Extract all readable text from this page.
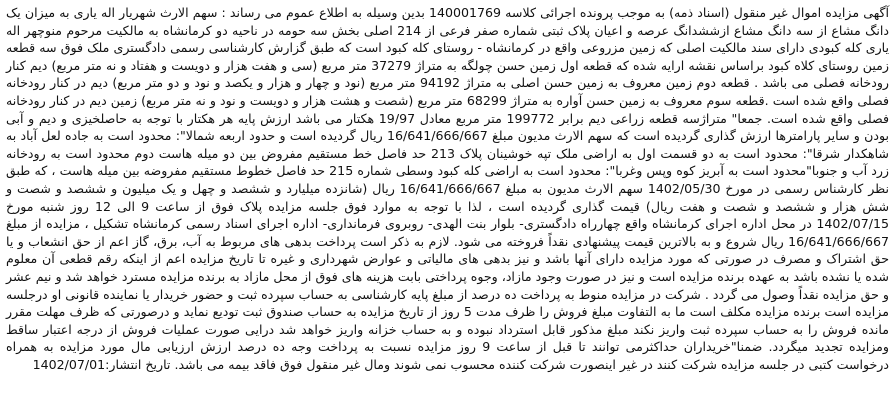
آگهی مزایده اموال غیر منقول (اسناد ذمه) به موجب پرونده اجرائی کلاسه 140001769 بدین وسیله به اطلاع عموم می رساند : سهم الارث شهریار اله یاری به میزان یک دانگ مشاع از سه دانگ مشاع ازششدانگ عرصه و اعیان پلاک ثبتی شماره صفر فرعی از 214 اصلی بخش سه حومه در ناحیه دو کرمانشاه به مالکیت مرحوم منوچهر اله یاری کله کبودی دارای سند مالکیت اصلی که زمین مزروعی واقع در کرمانشاه - روستای کله کبود است که طبق گزارش کارشناسی رسمی دادگستری ملک فوق سه قطعه زمین روستای کلاه کبود براساس نقشه ارایه شده که قطعه اول زمین حسن چولگه به متراژ 37279 متر مربع (سی و هفت هزار و دویست و هفتاد و نه متر مربع) دیم کنار رودخانه فصلی می باشد . قطعه دوم زمین معروف به زمین حسن اصلی به متراژ 94192 متر مربع (نود و چهار و هزار و یکصد و نود و دو متر مربع) دیم در کنار رودخانه فصلی واقع شده است .قطعه سوم معروف به زمین حسن آواره به متراژ 68299 متر مربع (شصت و هشت هزار و دویست و نود و نه متر مربع) زمین دیم در کنار رودخانه فصلی واقع شده است. جمعا" متراژسه قطعه زراعی دیم برابر 199772 متر مربع معادل 19/97 هکتار می باشد ارزش پایه هر هکتار با توجه به حاصلخیزی و دیم و آبی بودن و سایر پارامترها ارزش گذاری گردیده است که سهم الارث مدیون مبلغ 16/641/666/667 ریال گردیده است و حدود اربعه شمالا": محدود است به جاده لعل آباد به شاهکدار شرقا": محدود است به دو قسمت اول به اراضی ملک تپه خوشینان پلاک 213 حد فاصل خط مستقیم مفروض بین دو میله هاست دوم محدود است به رودخانه زرد آب و جنوبا"محدود است به آبریز کوه وپس وغربا": محدود است به اراضی کله کبود وسطی شماره 215 حد فاصل خطوط مستقیم مفروضه بین میله هاست ، که طبق نظر کارشناس رسمی در مورخ 1402/05/30 سهم الارث مدیون به مبلغ 16/641/666/667 ریال (شانزده میلیارد و ششصد و چهل و یک میلیون و ششصد و شصت و شش هزار و ششصد و شصت و هفت ریال) قیمت گذاری گردیده است ، لذا با توجه به موارد فوق جلسه مزایده پلاک فوق از ساعت 9 الی 12 روز شنبه مورخ 1402/07/15 در محل اداره اجرای کرمانشاه واقع چهارراه دادگستری- بلوار بنت الهدی- روبروی فرمانداری- اداره اجرای اسناد رسمی کرمانشاه تشکیل ، مزایده از مبلغ 16/641/666/667 ریال شروع و به بالاترین قیمت پیشنهادی نقداً فروخته می شود. لازم به ذکر است پرداخت بدهی های مربوط به آب، برق، گاز اعم از حق انشعاب و یا حق اشتراک و مصرف در صورتی که مورد مزایده دارای آنها باشد و نیز بدهی های مالیاتی و عوارض شهرداری و غیره تا تاریخ مزایده اعم از اینکه رقم قطعی آن معلوم شده یا نشده باشد به عهده برنده مزایده است و نیز در صورت وجود مازاد، وجوه پرداختی بابت هزینه های فوق از محل مازاد به برنده مزایده مسترد خواهد شد و نیم عشر و حق مزایده نقداً وصول می گردد . شرکت در مزایده منوط به پرداخت ده درصد از مبلغ پایه کارشناسی به حساب سپرده ثبت و حضور خریدار یا نماینده قانونی او درجلسه مزایده است برنده مزایده مکلف است ما به التفاوت مبلغ فروش را ظرف مدت 5 روز از تاریخ مزایده به حساب صندوق ثبت تودیع نماید و درصورتی که ظرف مهلت مقرر مانده فروش را به حساب سپرده ثبت واریز نکند مبلغ مذکور قابل استرداد نبوده و به حساب خزانه واریز خواهد شد درایی صورت عملیات فروش از درجه اعتبار ساقط ومزایده تجدید میگردد. ضمنا"خریداران حداکثرمی توانند تا قبل از ساعت 9 روز مزایده نسبت به پرداخت وجه ده درصد ارزش ارزیابی مال مورد مزایده به همراه درخواست کتبی در جلسه مزایده شرکت کنند در غیر اینصورت شرکت کننده محسوب نمی شوند ومال غیر منقول فوق فاقد بیمه می باشد. تاریخ انتشار:1402/07/01
